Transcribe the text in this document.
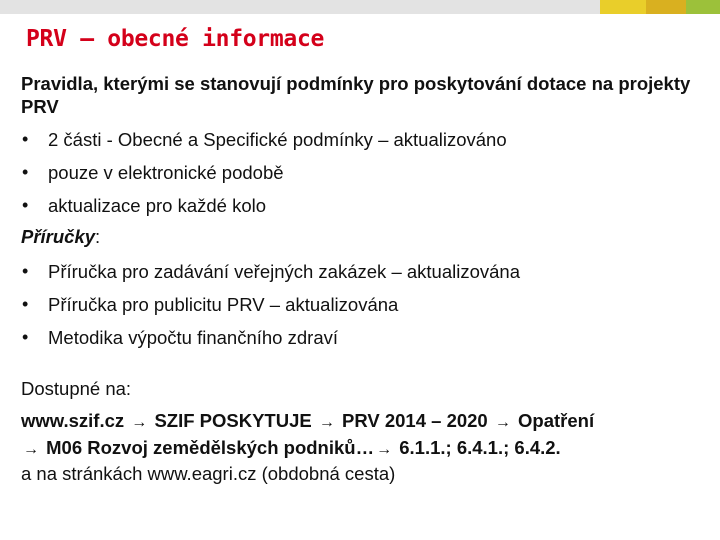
PRV – obecné informace

Pravidla, kterými se stanovují podmínky pro poskytování dotace na projekty PRV

• 2 části - Obecné a Specifické podmínky – aktualizováno
• pouze v elektronické podobě
• aktualizace pro každé kolo

Příručky:

• Příručka pro zadávání veřejných zakázek – aktualizována
• Příručka pro publicitu PRV – aktualizována
• Metodika výpočtu finančního zdraví

Dostupné na:

www.szif.cz → SZIF POSKYTUJE → PRV 2014 – 2020 → Opatření
→ M06 Rozvoj zemědělských podniků… → 6.1.1.; 6.4.1.; 6.4.2.

a na stránkách www.eagri.cz (obdobná cesta)
